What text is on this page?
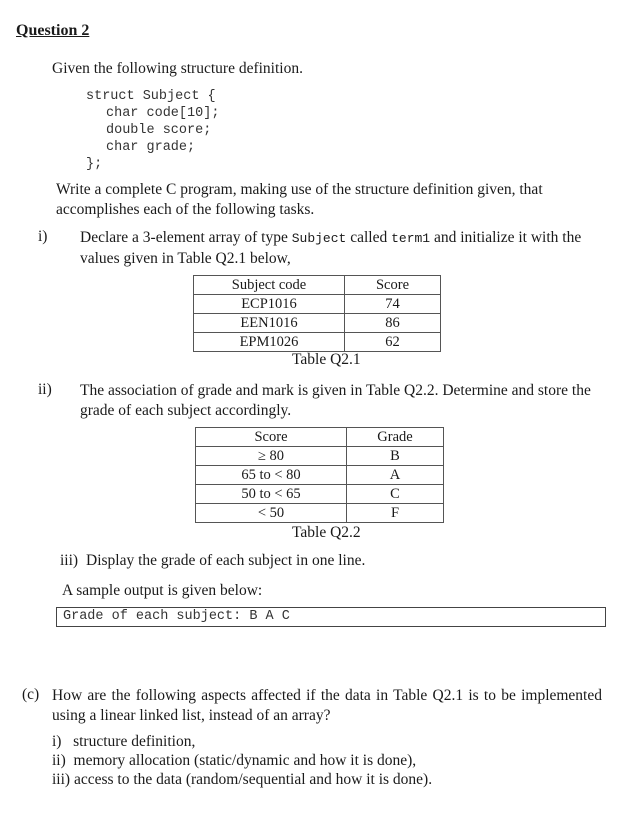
Question 2
Given the following structure definition.
struct Subject {
char code[10];
double score;
char grade;
};
Write a complete C program, making use of the structure definition given, that accomplishes each of the following tasks.
i) Declare a 3-element array of type Subject called term1 and initialize it with the values given in Table Q2.1 below,
Subject code	Score
ECP1016	74
EEN1016	86
EPM1026	62
Table Q2.1
ii) The association of grade and mark is given in Table Q2.2. Determine and store the grade of each subject accordingly.
Score	Grade
≥ 80	B
65 to < 80	A
50 to < 65	C
< 50	F
Table Q2.2
iii) Display the grade of each subject in one line.
A sample output is given below:
Grade of each subject: B A C
(c) How are the following aspects affected if the data in Table Q2.1 is to be implemented using a linear linked list, instead of an array?
i)   structure definition,
ii)  memory allocation (static/dynamic and how it is done),
iii) access to the data (random/sequential and how it is done).
